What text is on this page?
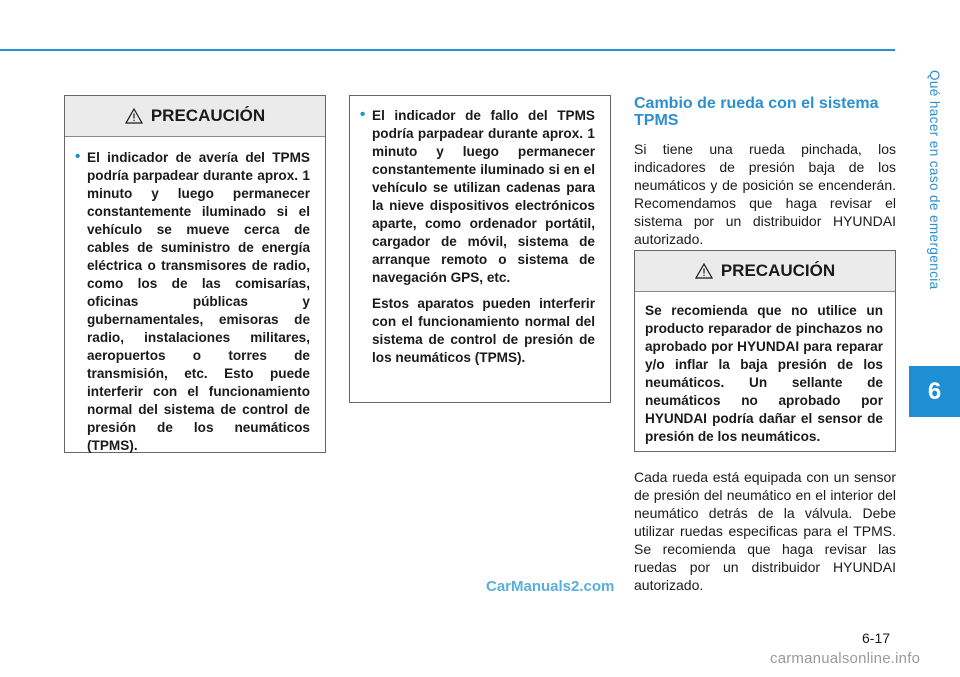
Qué hacer en caso de emergencia
6
PRECAUCIÓN
• El indicador de avería del TPMS podría parpadear durante aprox. 1 minuto y luego permanecer constantemente iluminado si el vehículo se mueve cerca de cables de suministro de energía eléctrica o transmisores de radio, como los de las comisarías, oficinas públicas y gubernamentales, emisoras de radio, instalaciones militares, aeropuertos o torres de transmisión, etc. Esto puede interferir con el funcionamiento normal del sistema de control de presión de los neumáticos (TPMS).

• El indicador de fallo del TPMS podría parpadear durante aprox. 1 minuto y luego permanecer constantemente iluminado si en el vehículo se utilizan cadenas para la nieve dispositivos electrónicos aparte, como ordenador portátil, cargador de móvil, sistema de arranque remoto o sistema de navegación GPS, etc.

Estos aparatos pueden interferir con el funcionamiento normal del sistema de control de presión de los neumáticos (TPMS).

Cambio de rueda con el sistema TPMS

Si tiene una rueda pinchada, los indicadores de presión baja de los neumáticos y de posición se encenderán. Recomendamos que haga revisar el sistema por un distribuidor HYUNDAI autorizado.

PRECAUCIÓN

Se recomienda que no utilice un producto reparador de pinchazos no aprobado por HYUNDAI para reparar y/o inflar la baja presión de los neumáticos. Un sellante de neumáticos no aprobado por HYUNDAI podría dañar el sensor de presión de los neumáticos.

Cada rueda está equipada con un sensor de presión del neumático en el interior del neumático detrás de la válvula. Debe utilizar ruedas especificas para el TPMS. Se recomienda que haga revisar las ruedas por un distribuidor HYUNDAI autorizado.

CarManuals2.com
6-17
carmanualsonline.info
